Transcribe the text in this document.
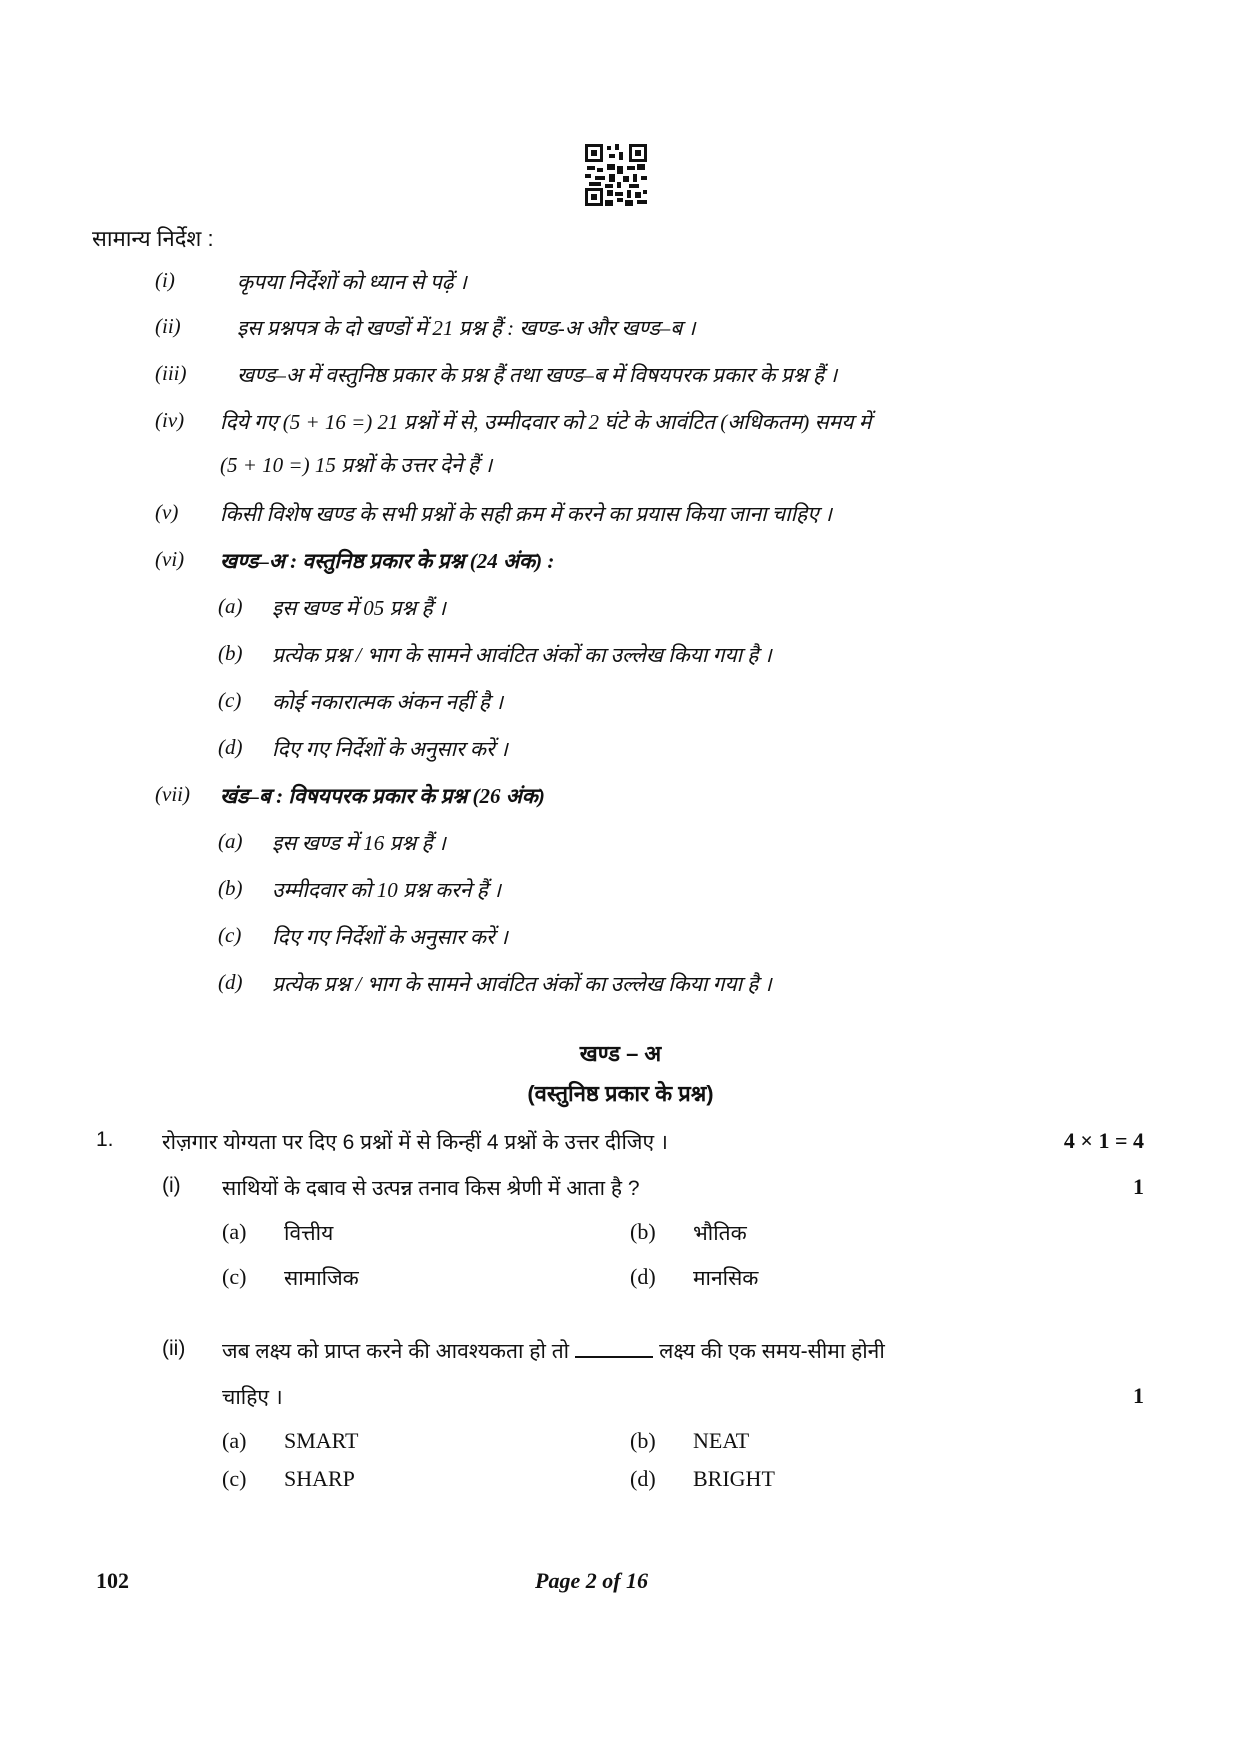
सामान्य निर्देश :
(i)	कृपया निर्देशों को ध्यान से पढ़ें ।
(ii)	इस प्रश्नपत्र के दो खण्डों में 21 प्रश्न हैं : खण्ड-अ और खण्ड–ब ।
(iii) खण्ड–अ में वस्तुनिष्ठ प्रकार के प्रश्न हैं तथा खण्ड–ब में विषयपरक प्रकार के प्रश्न हैं ।
(iv) दिये गए (5 + 16 =) 21 प्रश्नों में से, उम्मीदवार को 2 घंटे के आवंटित (अधिकतम) समय में
(5 + 10 =) 15 प्रश्नों के उत्तर देने हैं ।
(v) किसी विशेष खण्ड के सभी प्रश्नों के सही क्रम में करने का प्रयास किया जाना चाहिए ।
(vi) खण्ड–अ : वस्तुनिष्ठ प्रकार के प्रश्न (24 अंक) :
(a) इस खण्ड में 05 प्रश्न हैं ।
(b) प्रत्येक प्रश्न / भाग के सामने आवंटित अंकों का उल्लेख किया गया है ।
(c) कोई नकारात्मक अंकन नहीं है ।
(d) दिए गए निर्देशों के अनुसार करें ।
(vii) खंड–ब : विषयपरक प्रकार के प्रश्न (26 अंक)
(a) इस खण्ड में 16 प्रश्न हैं ।
(b) उम्मीदवार को 10 प्रश्न करने हैं ।
(c) दिए गए निर्देशों के अनुसार करें ।
(d) प्रत्येक प्रश्न / भाग के सामने आवंटित अंकों का उल्लेख किया गया है ।
खण्ड – अ
(वस्तुनिष्ठ प्रकार के प्रश्न)
1. रोज़गार योग्यता पर दिए 6 प्रश्नों में से किन्हीं 4 प्रश्नों के उत्तर दीजिए ।	4 × 1 = 4
(i) साथियों के दबाव से उत्पन्न तनाव किस श्रेणी में आता है ?	1
(a) वित्तीय	(b) भौतिक
(c) सामाजिक	(d) मानसिक
(ii) जब लक्ष्य को प्राप्त करने की आवश्यकता हो तो	लक्ष्य की एक समय-सीमा होनी
चाहिए ।	1
(a) SMART	(b) NEAT
(c) SHARP	(d) BRIGHT
102	Page 2 of 16
